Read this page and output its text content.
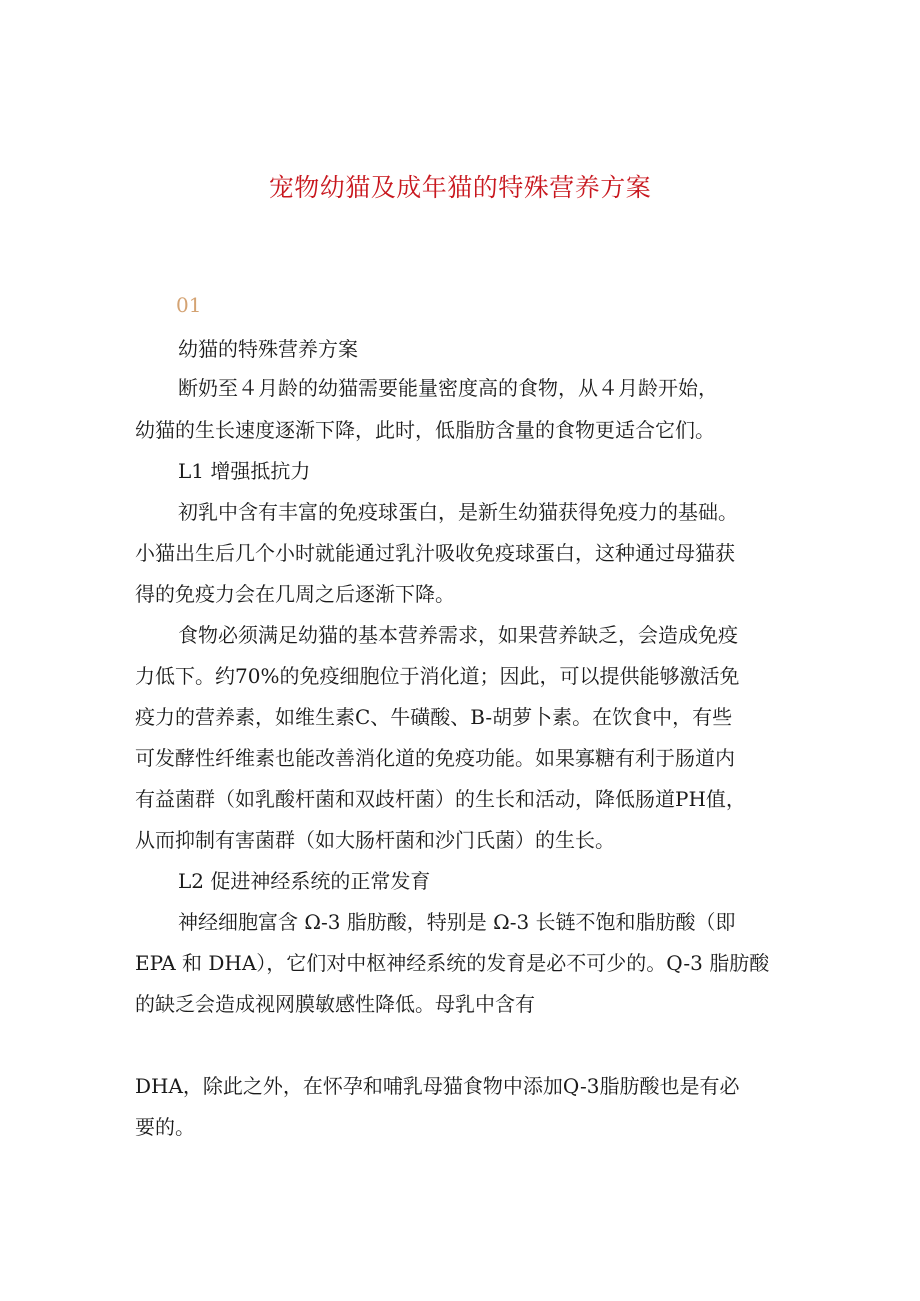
宠物幼猫及成年猫的特殊营养方案
01
幼猫的特殊营养方案
断奶至４月龄的幼猫需要能量密度高的食物，从４月龄开始，
幼猫的生长速度逐渐下降，此时，低脂肪含量的食物更适合它们。
L1 增强抵抗力
初乳中含有丰富的免疫球蛋白，是新生幼猫获得免疫力的基础。
小猫出生后几个小时就能通过乳汁吸收免疫球蛋白，这种通过母猫获
得的免疫力会在几周之后逐渐下降。
食物必须满足幼猫的基本营养需求，如果营养缺乏，会造成免疫
力低下。约70%的免疫细胞位于消化道；因此，可以提供能够激活免
疫力的营养素，如维生素C、牛磺酸、B-胡萝卜素。在饮食中，有些
可发酵性纤维素也能改善消化道的免疫功能。如果寡糖有利于肠道内
有益菌群（如乳酸杆菌和双歧杆菌）的生长和活动，降低肠道PH值，
从而抑制有害菌群（如大肠杆菌和沙门氏菌）的生长。
L2 促进神经系统的正常发育
神经细胞富含 Ω-3 脂肪酸，特别是 Ω-3 长链不饱和脂肪酸（即
EPA 和 DHA），它们对中枢神经系统的发育是必不可少的。Q-3 脂肪酸
的缺乏会造成视网膜敏感性降低。母乳中含有
DHA，除此之外，在怀孕和哺乳母猫食物中添加Q-3脂肪酸也是有必
要的。
